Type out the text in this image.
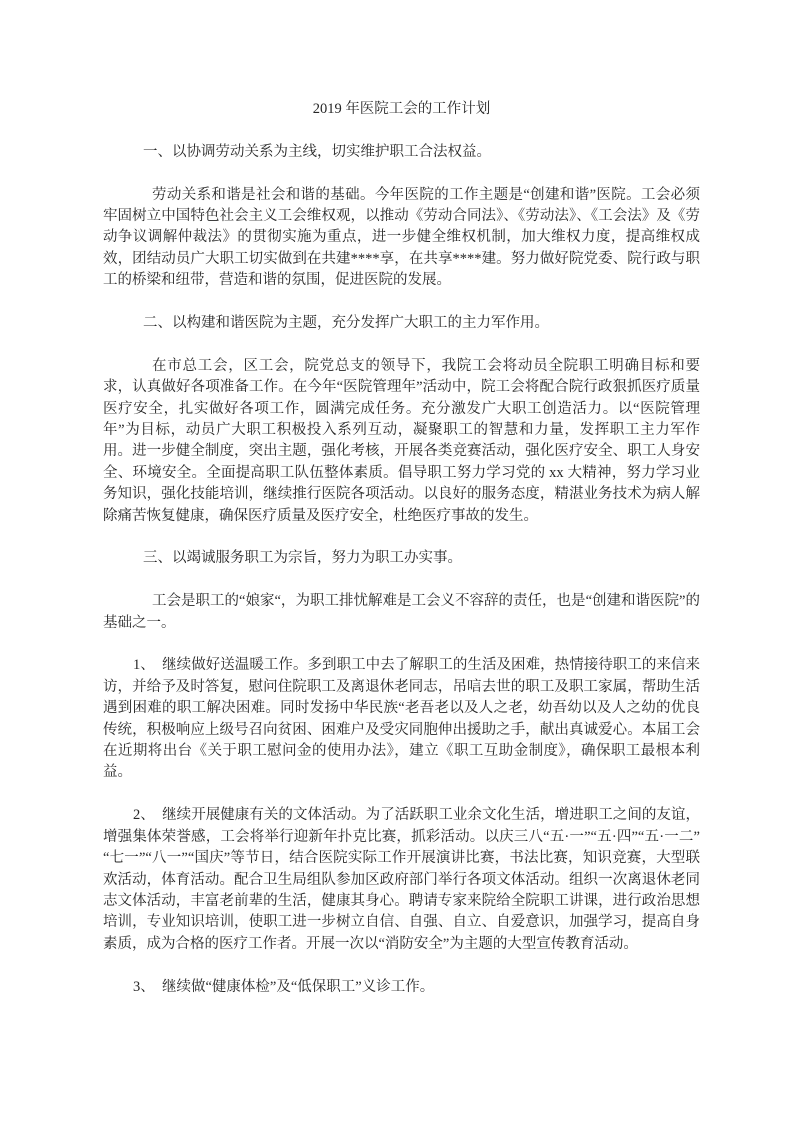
2019 年医院工会的工作计划

一、以协调劳动关系为主线，切实维护职工合法权益。

劳动关系和谐是社会和谐的基础。今年医院的工作主题是“创建和谐”医院。工会必须牢固树立中国特色社会主义工会维权观，以推动《劳动合同法》、《劳动法》、《工会法》及《劳动争议调解仲裁法》的贯彻实施为重点，进一步健全维权机制，加大维权力度，提高维权成效，团结动员广大职工切实做到在共建****享，在共享****建。努力做好院党委、院行政与职工的桥梁和纽带，营造和谐的氛围，促进医院的发展。

二、以构建和谐医院为主题，充分发挥广大职工的主力军作用。

在市总工会，区工会，院党总支的领导下，我院工会将动员全院职工明确目标和要求，认真做好各项准备工作。在今年“医院管理年”活动中，院工会将配合院行政狠抓医疗质量医疗安全，扎实做好各项工作，圆满完成任务。充分激发广大职工创造活力。以“医院管理年”为目标，动员广大职工积极投入系列互动，凝聚职工的智慧和力量，发挥职工主力军作用。进一步健全制度，突出主题，强化考核，开展各类竞赛活动，强化医疗安全、职工人身安全、环境安全。全面提高职工队伍整体素质。倡导职工努力学习党的 xx 大精神，努力学习业务知识，强化技能培训，继续推行医院各项活动。以良好的服务态度，精湛业务技术为病人解除痛苦恢复健康，确保医疗质量及医疗安全，杜绝医疗事故的发生。

三、以竭诚服务职工为宗旨，努力为职工办实事。

工会是职工的“娘家“，为职工排忧解难是工会义不容辞的责任，也是“创建和谐医院”的基础之一。

1、　继续做好送温暖工作。多到职工中去了解职工的生活及困难，热情接待职工的来信来访，并给予及时答复，慰问住院职工及离退休老同志，吊唁去世的职工及职工家属，帮助生活遇到困难的职工解决困难。同时发扬中华民族“老吾老以及人之老，幼吾幼以及人之幼的优良传统，积极响应上级号召向贫困、困难户及受灾同胞伸出援助之手，献出真诚爱心。本届工会在近期将出台《关于职工慰问金的使用办法》，建立《职工互助金制度》，确保职工最根本利益。

2、　继续开展健康有关的文体活动。为了活跃职工业余文化生活，增进职工之间的友谊，增强集体荣誉感，工会将举行迎新年扑克比赛，抓彩活动。以庆三八“五·一”“五·四”“五·一二” “七一”“八一”“国庆”等节日，结合医院实际工作开展演讲比赛，书法比赛，知识竞赛，大型联欢活动，体育活动。配合卫生局组队参加区政府部门举行各项文体活动。组织一次离退休老同志文体活动，丰富老前辈的生活，健康其身心。聘请专家来院给全院职工讲课，进行政治思想培训，专业知识培训，使职工进一步树立自信、自强、自立、自爱意识，加强学习，提高自身素质，成为合格的医疗工作者。开展一次以“消防安全”为主题的大型宣传教育活动。

3、　继续做“健康体检”及“低保职工”义诊工作。
